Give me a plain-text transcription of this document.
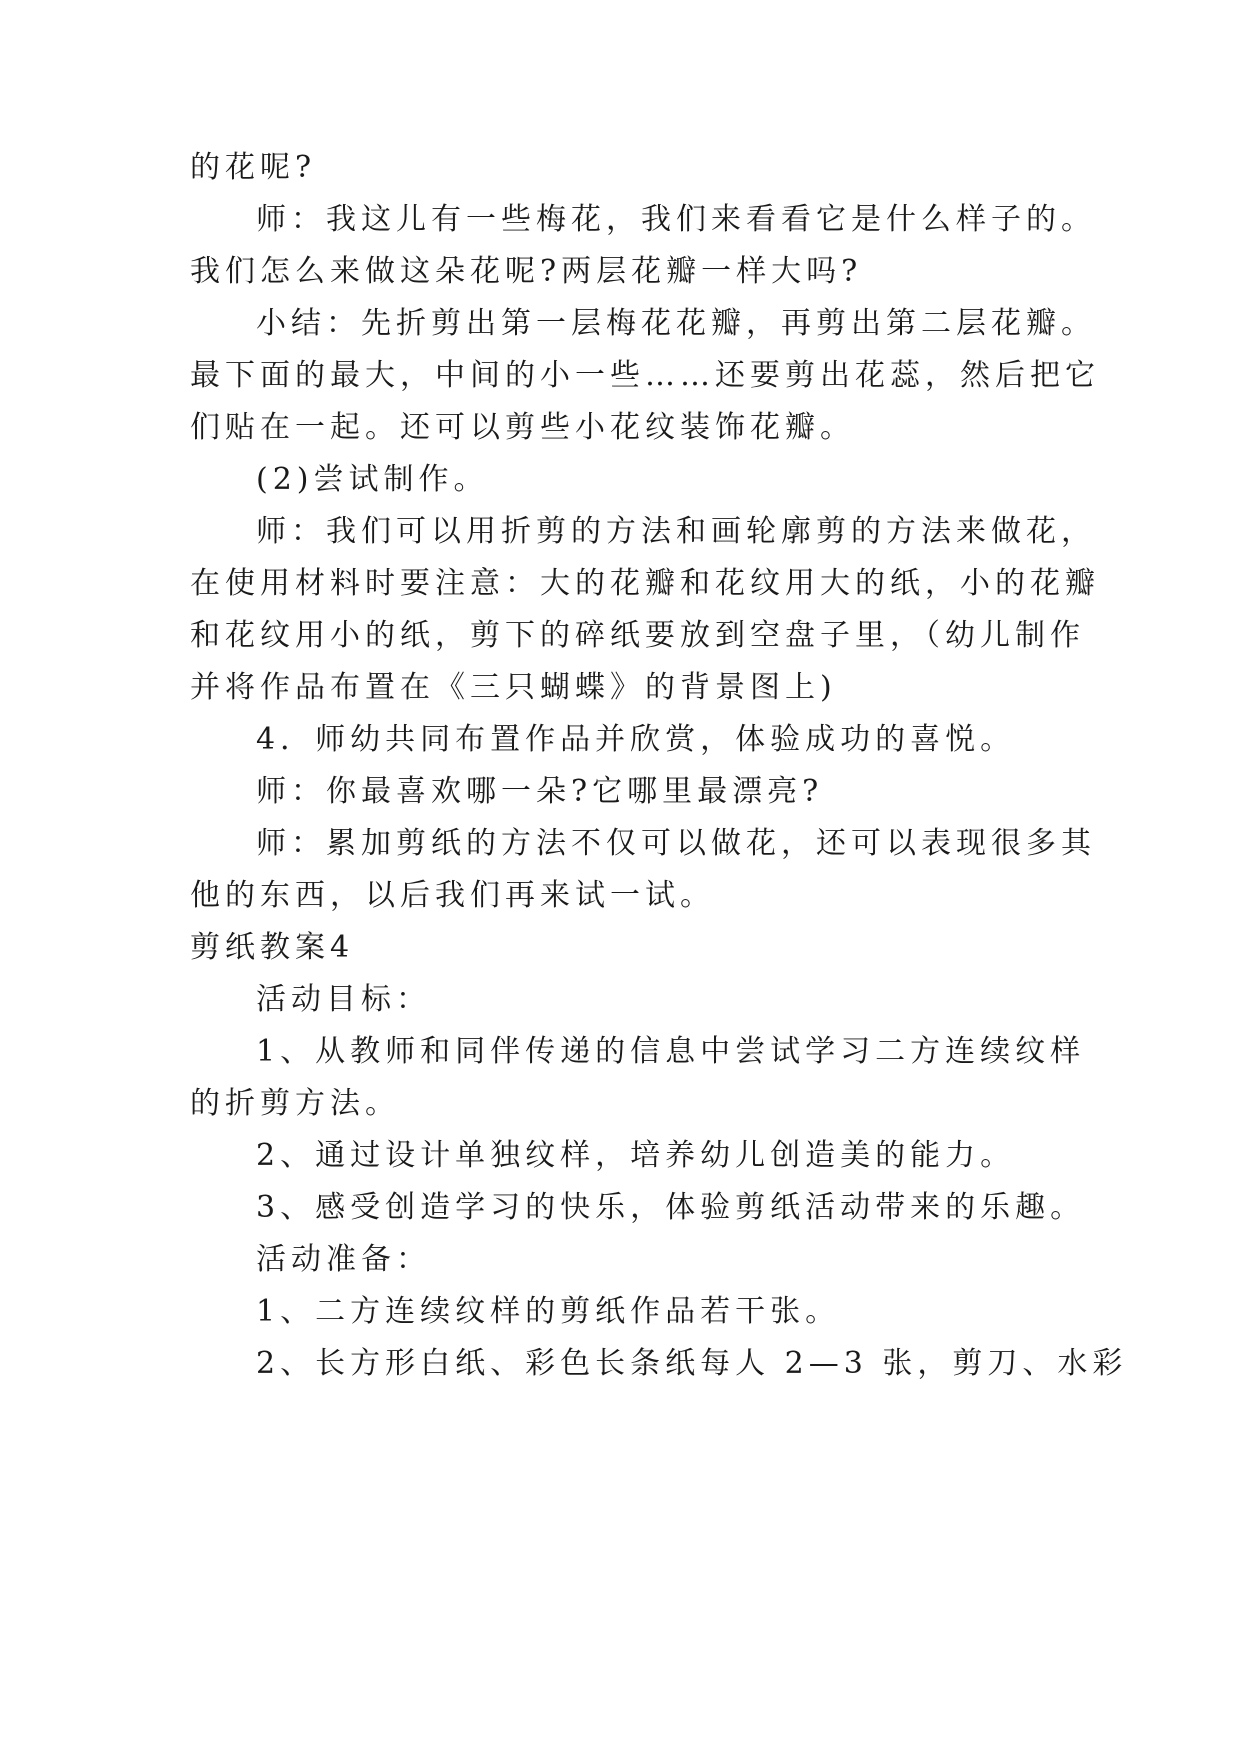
的花呢?
师：我这儿有一些梅花，我们来看看它是什么样子的。
我们怎么来做这朵花呢?两层花瓣一样大吗?
小结：先折剪出第一层梅花花瓣，再剪出第二层花瓣。
最下面的最大，中间的小一些……还要剪出花蕊，然后把它
们贴在一起。还可以剪些小花纹装饰花瓣。
(2)尝试制作。
师：我们可以用折剪的方法和画轮廓剪的方法来做花，
在使用材料时要注意：大的花瓣和花纹用大的纸，小的花瓣
和花纹用小的纸，剪下的碎纸要放到空盘子里，（幼儿制作
并将作品布置在《三只蝴蝶》的背景图上)
4．师幼共同布置作品并欣赏，体验成功的喜悦。
师：你最喜欢哪一朵?它哪里最漂亮?
师：累加剪纸的方法不仅可以做花，还可以表现很多其
他的东西，以后我们再来试一试。
剪纸教案4
活动目标：
1、从教师和同伴传递的信息中尝试学习二方连续纹样
的折剪方法。
2、通过设计单独纹样，培养幼儿创造美的能力。
3、感受创造学习的快乐，体验剪纸活动带来的乐趣。
活动准备：
1、二方连续纹样的剪纸作品若干张。
2、长方形白纸、彩色长条纸每人 2—3 张，剪刀、水彩
